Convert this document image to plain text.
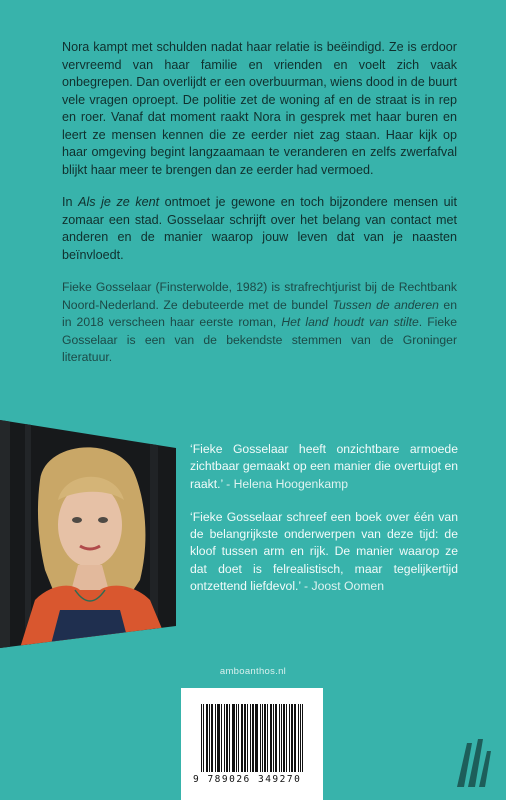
Nora kampt met schulden nadat haar relatie is beëindigd. Ze is erdoor vervreemd van haar familie en vrienden en voelt zich vaak onbegrepen. Dan overlijdt er een overbuurman, wiens dood in de buurt vele vragen oproept. De politie zet de woning af en de straat is in rep en roer. Vanaf dat moment raakt Nora in gesprek met haar buren en leert ze mensen kennen die ze eerder niet zag staan. Haar kijk op haar omgeving begint langzaamaan te veranderen en zelfs zwerfafval blijkt haar meer te brengen dan ze eerder had vermoed.

In Als je ze kent ontmoet je gewone en toch bijzondere mensen uit zomaar een stad. Gosselaar schrijft over het belang van contact met anderen en de manier waarop jouw leven dat van je naasten beïnvloedt.

Fieke Gosselaar (Finsterwolde, 1982) is strafrechtjurist bij de Rechtbank Noord-Nederland. Ze debuteerde met de bundel Tussen de anderen en in 2018 verscheen haar eerste roman, Het land houdt van stilte. Fieke Gosselaar is een van de bekendste stemmen van de Groninger literatuur.

‘Fieke Gosselaar heeft onzichtbare armoede zichtbaar gemaakt op een manier die overtuigt en raakt.’ - Helena Hoogenkamp

‘Fieke Gosselaar schreef een boek over één van de belangrijkste onderwerpen van deze tijd: de kloof tussen arm en rijk. De manier waarop ze dat doet is felrealistisch, maar tegelijkertijd ontzettend liefdevol.’ - Joost Oomen

amboanthos.nl
9 789026 349270
